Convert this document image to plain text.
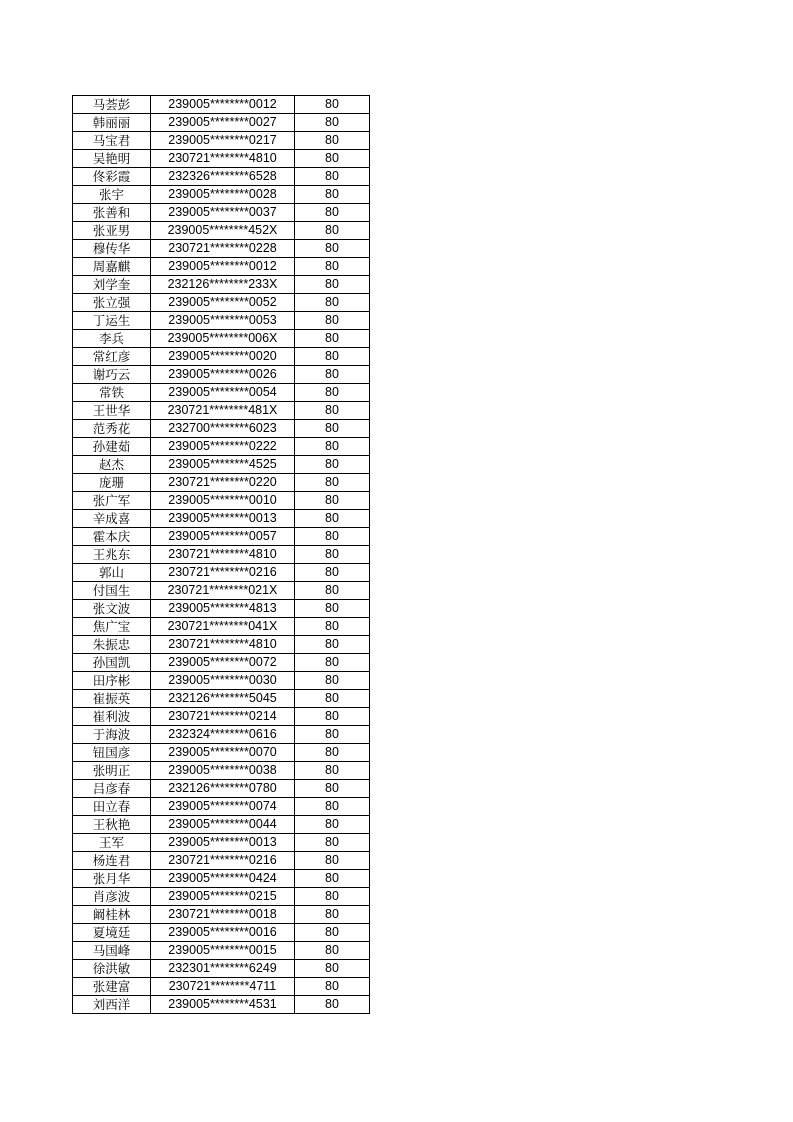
马荟彭	239005********0012	80
韩丽丽	239005********0027	80
马宝君	239005********0217	80
吴艳明	230721********4810	80
佟彩霞	232326********6528	80
张宇	239005********0028	80
张善和	239005********0037	80
张亚男	239005********452X	80
穆传华	230721********0228	80
周嘉麒	239005********0012	80
刘学奎	232126********233X	80
张立强	239005********0052	80
丁运生	239005********0053	80
李兵	239005********006X	80
常红彦	239005********0020	80
谢巧云	239005********0026	80
常铁	239005********0054	80
王世华	230721********481X	80
范秀花	232700********6023	80
孙建茹	239005********0222	80
赵杰	239005********4525	80
庞珊	230721********0220	80
张广军	239005********0010	80
辛成喜	239005********0013	80
霍本庆	239005********0057	80
王兆东	230721********4810	80
郭山	230721********0216	80
付国生	230721********021X	80
张文波	239005********4813	80
焦广宝	230721********041X	80
朱振忠	230721********4810	80
孙国凯	239005********0072	80
田序彬	239005********0030	80
崔振英	232126********5045	80
崔利波	230721********0214	80
于海波	232324********0616	80
钮国彦	239005********0070	80
张明正	239005********0038	80
吕彦春	232126********0780	80
田立春	239005********0074	80
王秋艳	239005********0044	80
王军	239005********0013	80
杨连君	230721********0216	80
张月华	239005********0424	80
肖彦波	239005********0215	80
阚桂林	230721********0018	80
夏境廷	239005********0016	80
马国峰	239005********0015	80
徐洪敏	232301********6249	80
张建富	230721********4711	80
刘西洋	239005********4531	80
